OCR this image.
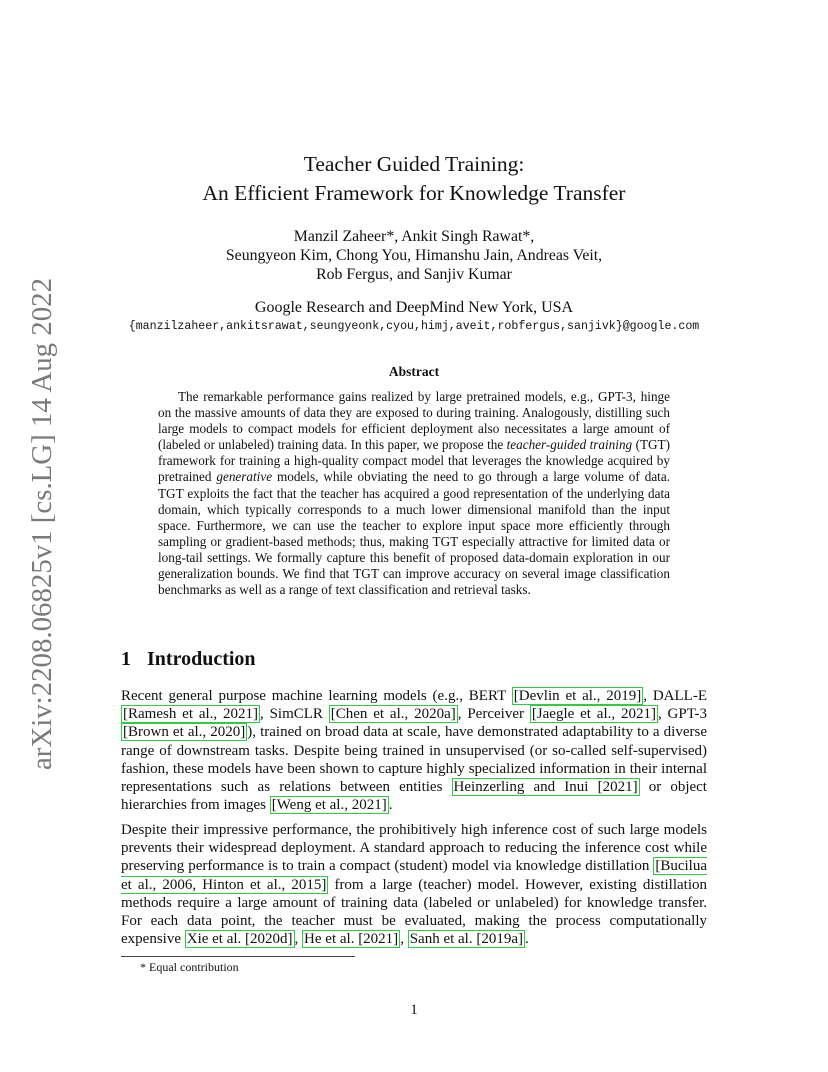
arXiv:2208.06825v1 [cs.LG] 14 Aug 2022
Teacher Guided Training:
An Efficient Framework for Knowledge Transfer
Manzil Zaheer*, Ankit Singh Rawat*,
Seungyeon Kim, Chong You, Himanshu Jain, Andreas Veit,
Rob Fergus, and Sanjiv Kumar
Google Research and DeepMind New York, USA
{manzilzaheer,ankitsrawat,seungyeonk,cyou,himj,aveit,robfergus,sanjivk}@google.com
Abstract

The remarkable performance gains realized by large pretrained models, e.g., GPT-3, hinge on the massive amounts of data they are exposed to during training. Analogously, distilling such large models to compact models for efficient deployment also necessitates a large amount of (labeled or unlabeled) training data. In this paper, we propose the teacher-guided training (TGT) framework for training a high-quality compact model that leverages the knowledge acquired by pretrained generative models, while obviating the need to go through a large volume of data. TGT exploits the fact that the teacher has acquired a good representation of the underlying data domain, which typically corresponds to a much lower dimensional manifold than the input space. Furthermore, we can use the teacher to explore input space more efficiently through sampling or gradient-based methods; thus, making TGT especially attractive for limited data or long-tail settings. We formally capture this benefit of proposed data-domain exploration in our generalization bounds. We find that TGT can improve accuracy on several image classification benchmarks as well as a range of text classification and retrieval tasks.

1 Introduction

Recent general purpose machine learning models (e.g., BERT [Devlin et al., 2019] , DALL-E [Ramesh et al., 2021] , SimCLR [Chen et al., 2020a] , Perceiver [Jaegle et al., 2021] , GPT-3 [Brown et al., 2020] ), trained on broad data at scale, have demonstrated adaptability to a diverse range of downstream tasks. Despite being trained in unsupervised (or so-called self-supervised) fashion, these models have been shown to capture highly specialized information in their internal representations such as relations between entities Heinzerling and Inui [2021] or object hierarchies from images [Weng et al., 2021] .

Despite their impressive performance, the prohibitively high inference cost of such large models prevents their widespread deployment. A standard approach to reducing the inference cost while preserving performance is to train a compact (student) model via knowledge distillation [Bucilua et al., 2006, Hinton et al., 2015] from a large (teacher) model. However, existing distillation methods require a large amount of training data (labeled or unlabeled) for knowledge transfer. For each data point, the teacher must be evaluated, making the process computationally expensive Xie et al. [2020d] , He et al. [2021] , Sanh et al. [2019a] .

* Equal contribution
1
